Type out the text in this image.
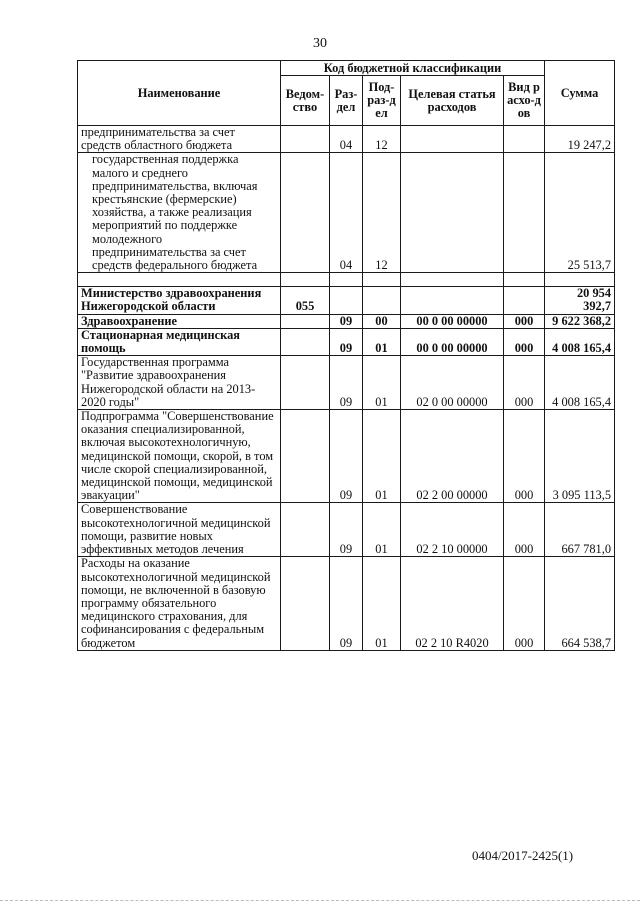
30
Наименование	Код бюджетной классификации					Сумма
	Ведом-ство	Раз-дел	Под-раз-дел	Целевая статья расходов	Вид расхо-дов	
предпринимательства за счет средств областного бюджета		04	12			19 247,2
государственная поддержка малого и среднего предпринимательства, включая крестьянские (фермерские) хозяйства, а также реализация мероприятий по поддержке молодежного предпринимательства за счет средств федерального бюджета		04	12			25 513,7

Министерство здравоохранения Нижегородской области	055					20 954 392,7
Здравоохранение		09	00	00 0 00 00000	000	9 622 368,2
Стационарная медицинская помощь		09	01	00 0 00 00000	000	4 008 165,4
Государственная программа "Развитие здравоохранения Нижегородской области на 2013-2020 годы"		09	01	02 0 00 00000	000	4 008 165,4
Подпрограмма "Совершенствование оказания специализированной, включая высокотехнологичную, медицинской помощи, скорой, в том числе скорой специализированной, медицинской помощи, медицинской эвакуации"		09	01	02 2 00 00000	000	3 095 113,5
Совершенствование высокотехнологичной медицинской помощи, развитие новых эффективных методов лечения		09	01	02 2 10 00000	000	667 781,0
Расходы на оказание высокотехнологичной медицинской помощи, не включенной в базовую программу обязательного медицинского страхования, для софинансирования с федеральным бюджетом		09	01	02 2 10 R4020	000	664 538,7
0404/2017-2425(1)
